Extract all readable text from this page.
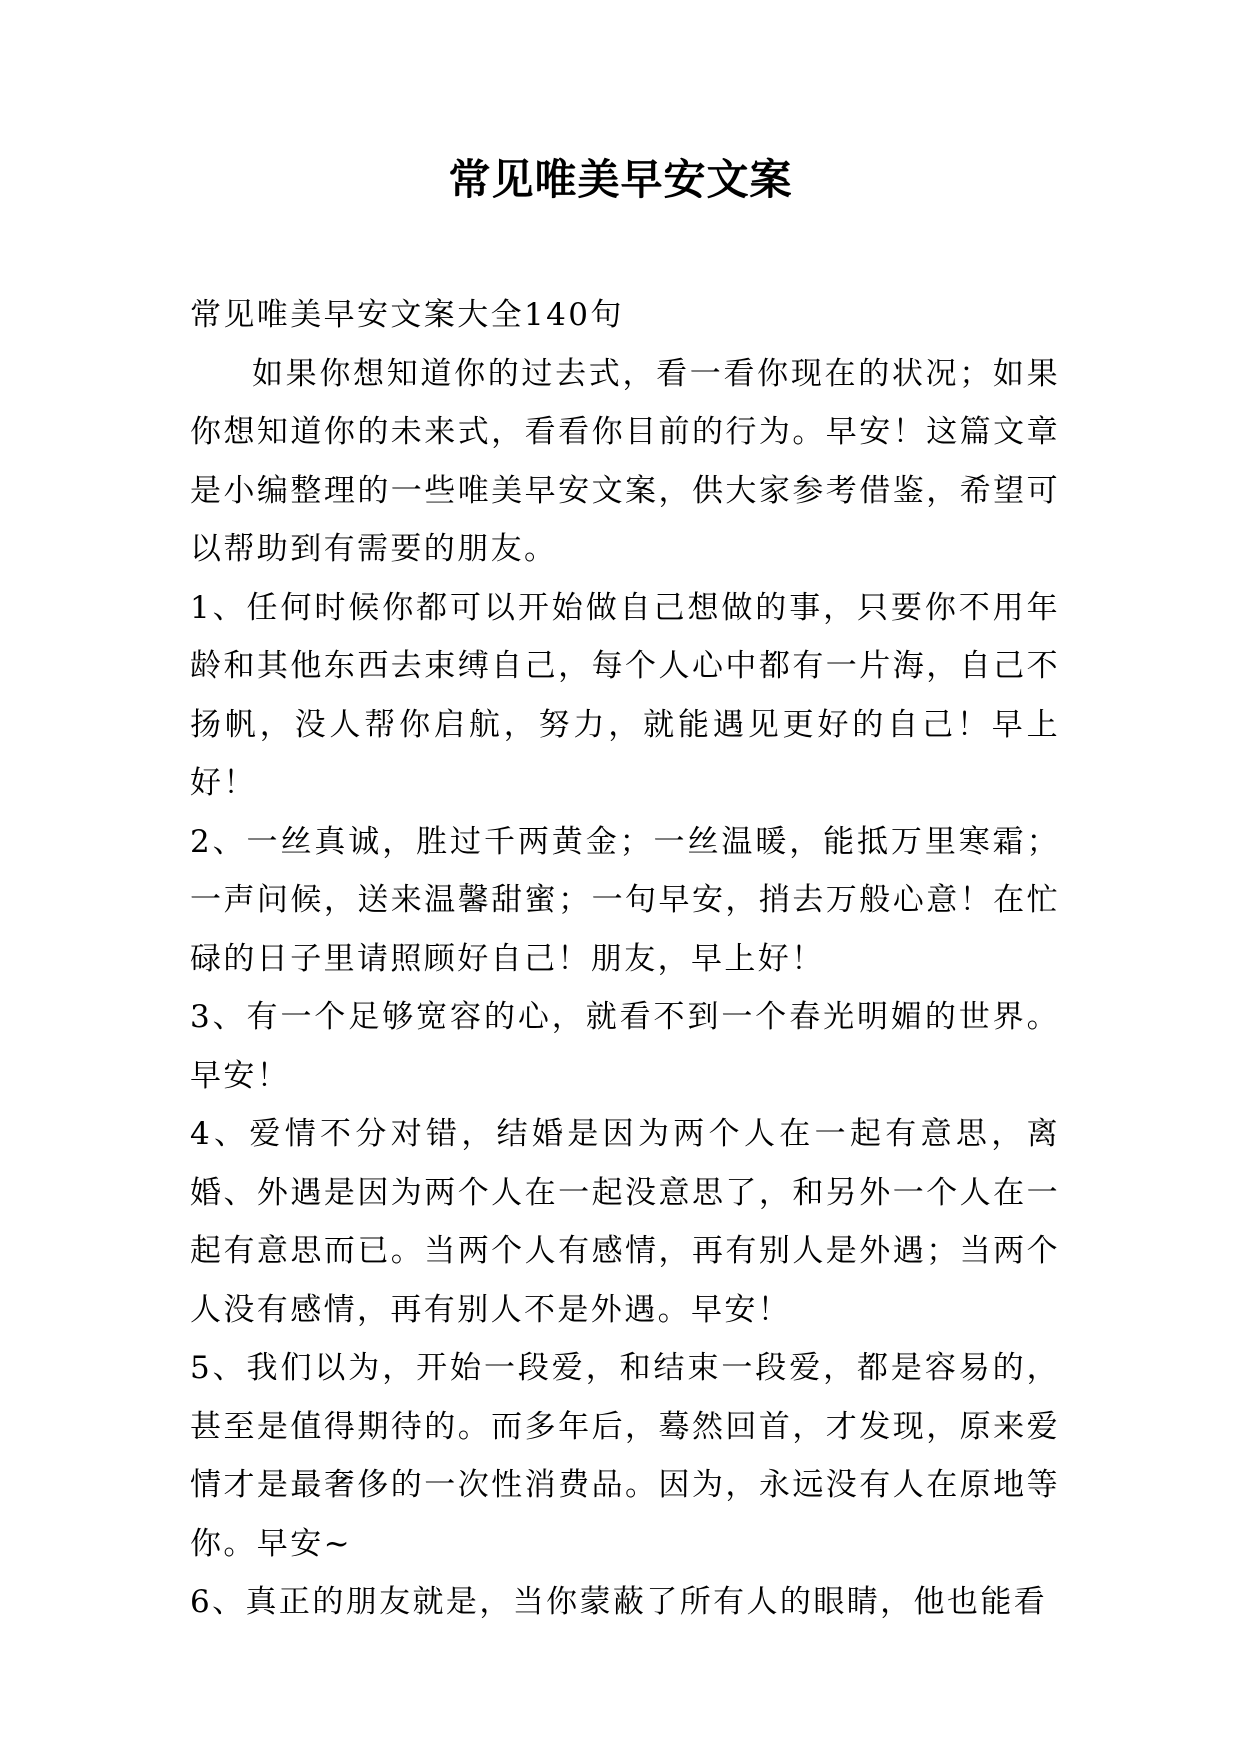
常见唯美早安文案

常见唯美早安文案大全140句

如果你想知道你的过去式，看一看你现在的状况；如果你想知道你的未来式，看看你目前的行为。早安！这篇文章是小编整理的一些唯美早安文案，供大家参考借鉴，希望可以帮助到有需要的朋友。

1、任何时候你都可以开始做自己想做的事，只要你不用年龄和其他东西去束缚自己，每个人心中都有一片海，自己不扬帆，没人帮你启航，努力，就能遇见更好的自己！早上好！

2、一丝真诚，胜过千两黄金；一丝温暖，能抵万里寒霜；一声问候，送来温馨甜蜜；一句早安，捎去万般心意！在忙碌的日子里请照顾好自己！朋友，早上好！

3、有一个足够宽容的心，就看不到一个春光明媚的世界。早安！

4、爱情不分对错，结婚是因为两个人在一起有意思，离婚、外遇是因为两个人在一起没意思了，和另外一个人在一起有意思而已。当两个人有感情，再有别人是外遇；当两个人没有感情，再有别人不是外遇。早安！

5、我们以为，开始一段爱，和结束一段爱，都是容易的，甚至是值得期待的。而多年后，蓦然回首，才发现，原来爱情才是最奢侈的一次性消费品。因为，永远没有人在原地等你。早安~

6、真正的朋友就是，当你蒙蔽了所有人的眼睛，他也能看
